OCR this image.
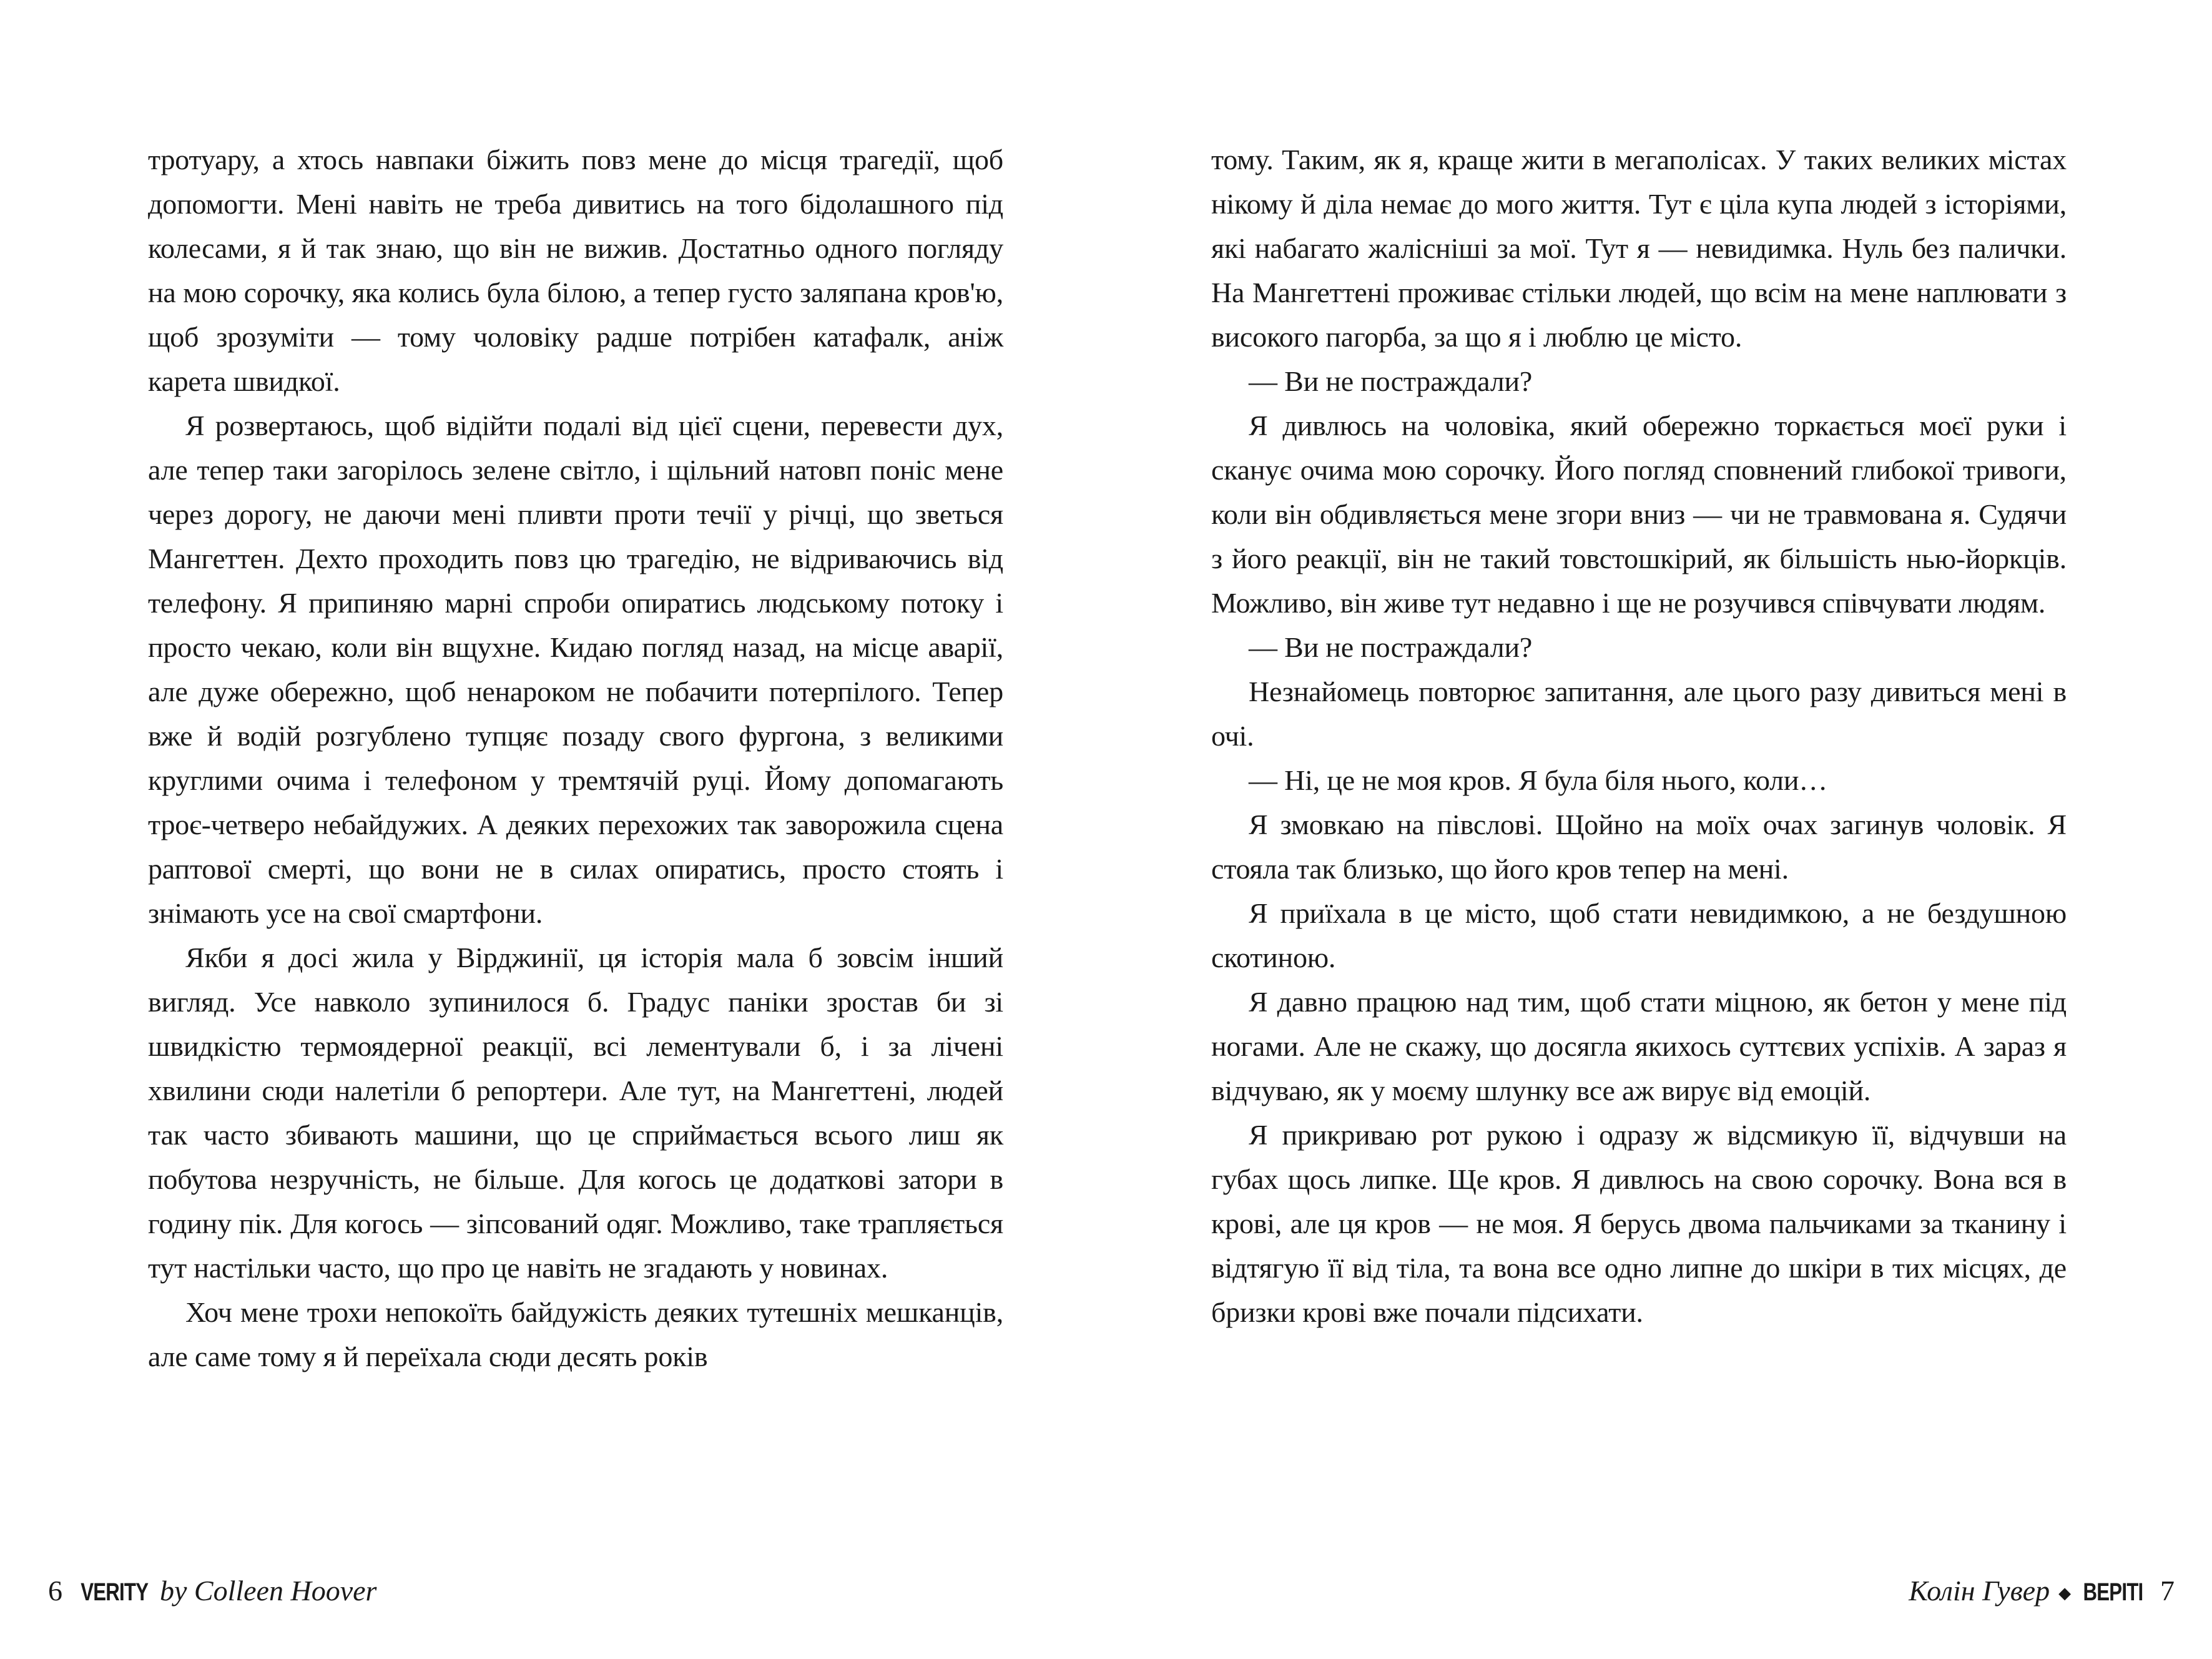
тротуару, а хтось навпаки біжить повз мене до місця трагедії, щоб допомогти. Мені навіть не треба дивитись на того бідолашного під колесами, я й так знаю, що він не вижив. Достатньо одного погляду на мою сорочку, яка колись була білою, а тепер густо заляпана кров'ю, щоб зрозуміти — тому чоловіку радше потрібен катафалк, аніж карета швидкої.

Я розвертаюсь, щоб відійти подалі від цієї сцени, перевести дух, але тепер таки загорілось зелене світло, і щільний натовп поніс мене через дорогу, не даючи мені пливти проти течії у річці, що зветься Мангеттен. Дехто проходить повз цю трагедію, не відриваючись від телефону. Я припиняю марні спроби опиратись людському потоку і просто чекаю, коли він вщухне. Кидаю погляд назад, на місце аварії, але дуже обережно, щоб ненароком не побачити потерпілого. Тепер вже й водій розгублено тупцяє позаду свого фургона, з великими круглими очима і телефоном у тремтячій руці. Йому допомагають троє-четверо небайдужих. А деяких перехожих так заворожила сцена раптової смерті, що вони не в силах опиратись, просто стоять і знімають усе на свої смартфони.

Якби я досі жила у Вірджинії, ця історія мала б зовсім інший вигляд. Усе навколо зупинилося б. Градус паніки зростав би зі швидкістю термоядерної реакції, всі лементували б, і за лічені хвилини сюди налетіли б репортери. Але тут, на Мангеттені, людей так часто збивають машини, що це сприймається всього лиш як побутова незручність, не більше. Для когось це додаткові затори в годину пік. Для когось — зіпсований одяг. Можливо, таке трапляється тут настільки часто, що про це навіть не згадають у новинах.

Хоч мене трохи непокоїть байдужість деяких тутешніх мешканців, але саме тому я й переїхала сюди десять років

6 VERITY by Colleen Hoover

тому. Таким, як я, краще жити в мегаполісах. У таких великих містах нікому й діла немає до мого життя. Тут є ціла купа людей з історіями, які набагато жалісніші за мої. Тут я — невидимка. Нуль без палички. На Мангеттені проживає стільки людей, що всім на мене наплювати з високого пагорба, за що я і люблю це місто.

— Ви не постраждали?

Я дивлюсь на чоловіка, який обережно торкається моєї руки і сканує очима мою сорочку. Його погляд сповнений глибокої тривоги, коли він обдивляється мене згори вниз — чи не травмована я. Судячи з його реакції, він не такий товстошкірий, як більшість нью-йоркців. Можливо, він живе тут недавно і ще не розучився співчувати людям.

— Ви не постраждали?

Незнайомець повторює запитання, але цього разу дивиться мені в очі.

— Ні, це не моя кров. Я була біля нього, коли…

Я змовкаю на півслові. Щойно на моїх очах загинув чоловік. Я стояла так близько, що його кров тепер на мені.

Я приїхала в це місто, щоб стати невидимкою, а не бездушною скотиною.

Я давно працюю над тим, щоб стати міцною, як бетон у мене під ногами. Але не скажу, що досягла якихось суттєвих успіхів. А зараз я відчуваю, як у моєму шлунку все аж вирує від емоцій.

Я прикриваю рот рукою і одразу ж відсмикую її, відчувши на губах щось липке. Ще кров. Я дивлюсь на свою сорочку. Вона вся в крові, але ця кров — не моя. Я берусь двома пальчиками за тканину і відтягую її від тіла, та вона все одно липне до шкіри в тих місцях, де бризки крові вже почали підсихати.

Колін Гувер ◆ ВЕРІТІ 7
